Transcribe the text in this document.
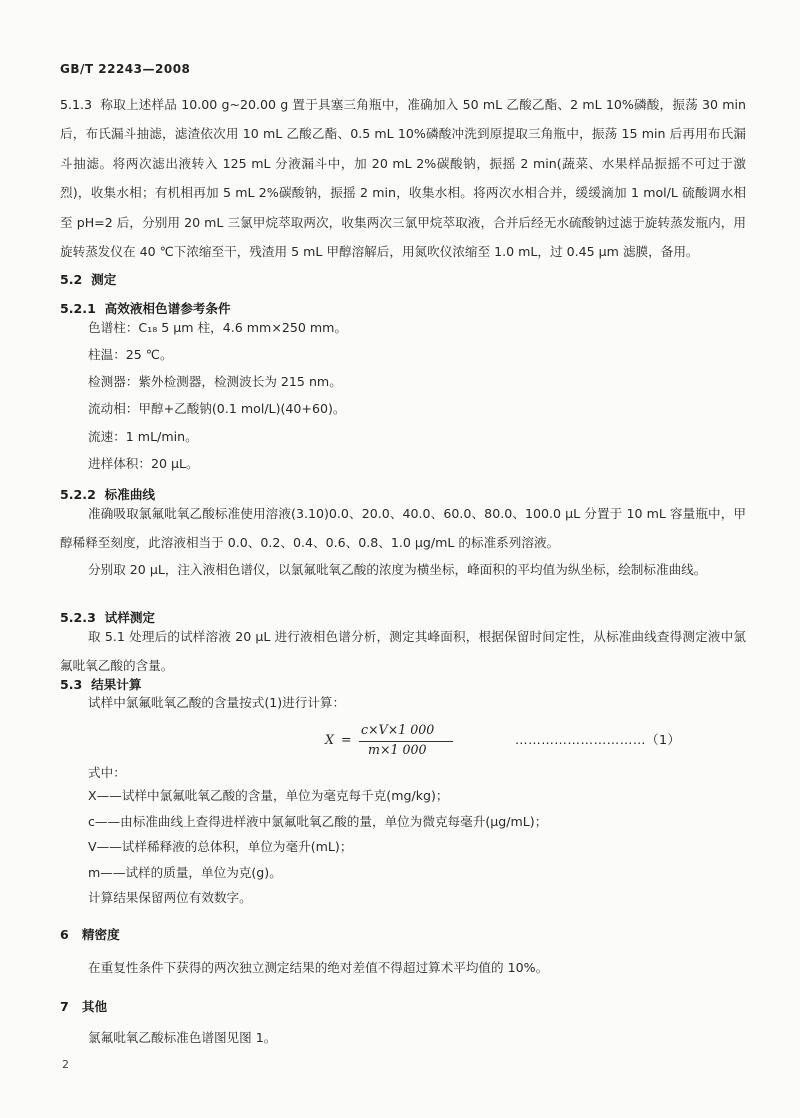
GB/T 22243—2008
5.1.3 称取上述样品 10.00 g~20.00 g 置于具塞三角瓶中，准确加入 50 mL 乙酸乙酯、2 mL 10%磷酸，振荡 30 min 后，布氏漏斗抽滤，滤渣依次用 10 mL 乙酸乙酯、0.5 mL 10%磷酸冲洗到原提取三角瓶中，振荡 15 min 后再用布氏漏斗抽滤。将两次滤出液转入 125 mL 分液漏斗中，加 20 mL 2%碳酸钠，振摇 2 min(蔬菜、水果样品振摇不可过于激烈)，收集水相；有机相再加 5 mL 2%碳酸钠，振摇 2 min，收集水相。将两次水相合并，缓缓滴加 1 mol/L 硫酸调水相至 pH=2 后，分别用 20 mL 三氯甲烷萃取两次，收集两次三氯甲烷萃取液，合并后经无水硫酸钠过滤于旋转蒸发瓶内，用旋转蒸发仪在 40 ℃下浓缩至干，残渣用 5 mL 甲醇溶解后，用氮吹仪浓缩至 1.0 mL，过 0.45 μm 滤膜，备用。
5.2 测定
5.2.1 高效液相色谱参考条件
色谱柱：C₁₈ 5 μm 柱，4.6 mm×250 mm。
柱温：25 ℃。
检测器：紫外检测器，检测波长为 215 nm。
流动相：甲醇+乙酸钠(0.1 mol/L)(40+60)。
流速：1 mL/min。
进样体积：20 μL。
5.2.2 标准曲线
准确吸取氯氟吡氧乙酸标准使用溶液(3.10)0.0、20.0、40.0、60.0、80.0、100.0 μL 分置于 10 mL 容量瓶中，甲醇稀释至刻度，此溶液相当于 0.0、0.2、0.4、0.6、0.8、1.0 μg/mL 的标准系列溶液。
分别取 20 μL，注入液相色谱仪，以氯氟吡氧乙酸的浓度为横坐标，峰面积的平均值为纵坐标，绘制标准曲线。
5.2.3 试样测定
取 5.1 处理后的试样溶液 20 μL 进行液相色谱分析，测定其峰面积，根据保留时间定性，从标准曲线查得测定液中氯氟吡氧乙酸的含量。
5.3 结果计算
试样中氯氟吡氧乙酸的含量按式(1)进行计算：
X =
c×V×1 000
m×1 000
…………………………（1）
式中：
X——试样中氯氟吡氧乙酸的含量，单位为毫克每千克(mg/kg)；
c——由标准曲线上查得进样液中氯氟吡氧乙酸的量，单位为微克每毫升(μg/mL)；
V——试样稀释液的总体积，单位为毫升(mL)；
m——试样的质量，单位为克(g)。
计算结果保留两位有效数字。
6 精密度
在重复性条件下获得的两次独立测定结果的绝对差值不得超过算术平均值的 10%。
7 其他
氯氟吡氧乙酸标准色谱图见图 1。
2
